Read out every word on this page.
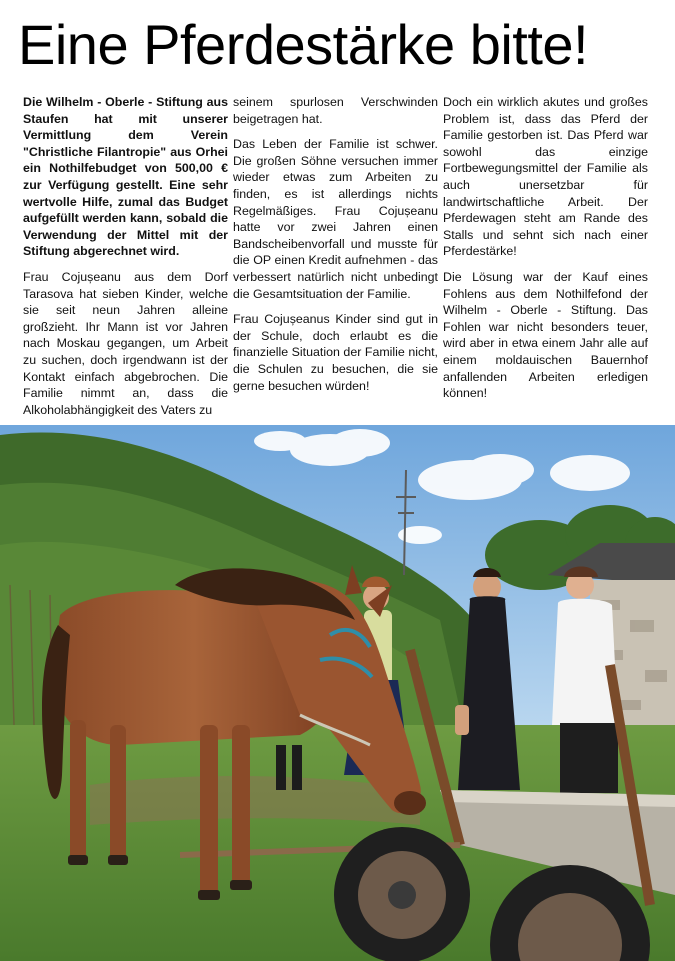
Eine Pferdestärke bitte!

Die Wilhelm - Oberle - Stiftung aus Staufen hat mit unserer Vermittlung dem Verein "Christliche Filantropie" aus Orhei ein Nothilfebudget von 500,00 € zur Verfügung gestellt. Eine sehr wertvolle Hilfe, zumal das Budget aufgefüllt werden kann, sobald die Verwendung der Mittel mit der Stiftung abgerechnet wird.

Frau Cojușeanu aus dem Dorf Tarasova hat sieben Kinder, welche sie seit neun Jahren alleine großzieht. Ihr Mann ist vor Jahren nach Moskau gegangen, um Arbeit zu suchen, doch irgendwann ist der Kontakt einfach abgebrochen. Die Familie nimmt an, dass die Alkoholabhängigkeit des Vaters zu

seinem spurlosen Verschwinden beigetragen hat.

Das Leben der Familie ist schwer. Die großen Söhne versuchen immer wieder etwas zum Arbeiten zu finden, es ist allerdings nichts Regelmäßiges. Frau Cojușeanu hatte vor zwei Jahren einen Bandscheibenvorfall und musste für die OP einen Kredit aufnehmen - das verbessert natürlich nicht unbedingt die Gesamtsituation der Familie.

Frau Cojușeanus Kinder sind gut in der Schule, doch erlaubt es die finanzielle Situation der Familie nicht, die Schulen zu besuchen, die sie gerne besuchen würden!

Doch ein wirklich akutes und großes Problem ist, dass das Pferd der Familie gestorben ist. Das Pferd war sowohl das einzige Fortbewegungsmittel der Familie als auch unersetzbar für landwirtschaftliche Arbeit. Der Pferdewagen steht am Rande des Stalls und sehnt sich nach einer Pferdestärke!

Die Lösung war der Kauf eines Fohlens aus dem Nothilfefond der Wilhelm - Oberle - Stiftung. Das Fohlen war nicht besonders teuer, wird aber in etwa einem Jahr alle auf einem moldauischen Bauernhof anfallenden Arbeiten erledigen können!
